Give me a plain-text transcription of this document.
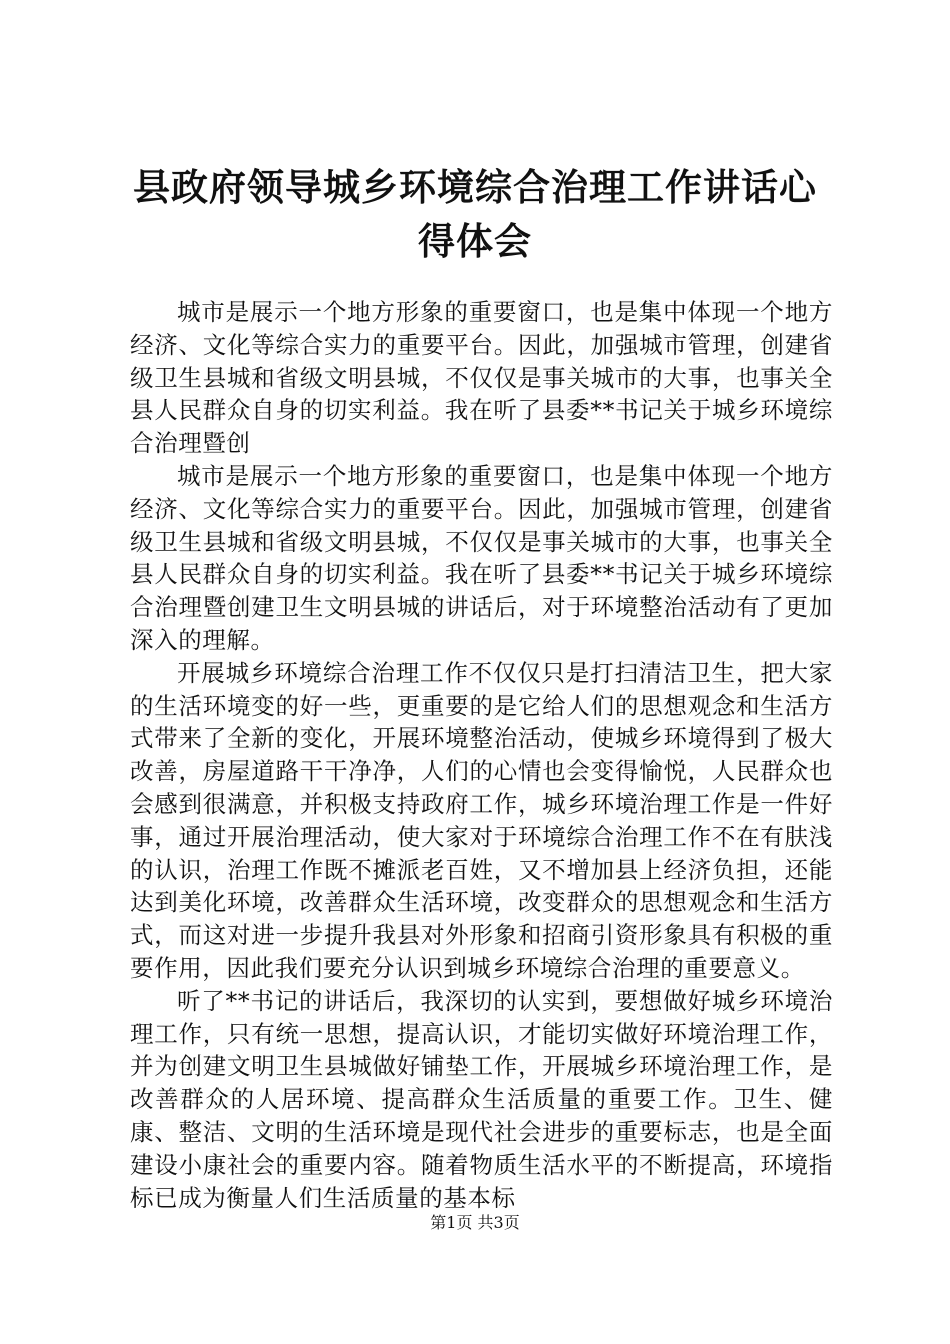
县政府领导城乡环境综合治理工作讲话心得体会

城市是展示一个地方形象的重要窗口，也是集中体现一个地方经济、文化等综合实力的重要平台。因此，加强城市管理，创建省级卫生县城和省级文明县城，不仅仅是事关城市的大事，也事关全县人民群众自身的切实利益。我在听了县委**书记关于城乡环境综合治理暨创

城市是展示一个地方形象的重要窗口，也是集中体现一个地方经济、文化等综合实力的重要平台。因此，加强城市管理，创建省级卫生县城和省级文明县城，不仅仅是事关城市的大事，也事关全县人民群众自身的切实利益。我在听了县委**书记关于城乡环境综合治理暨创建卫生文明县城的讲话后，对于环境整治活动有了更加深入的理解。

开展城乡环境综合治理工作不仅仅只是打扫清洁卫生，把大家的生活环境变的好一些，更重要的是它给人们的思想观念和生活方式带来了全新的变化，开展环境整治活动，使城乡环境得到了极大改善，房屋道路干干净净，人们的心情也会变得愉悦，人民群众也会感到很满意，并积极支持政府工作，城乡环境治理工作是一件好事，通过开展治理活动，使大家对于环境综合治理工作不在有肤浅的认识，治理工作既不摊派老百姓，又不增加县上经济负担，还能达到美化环境，改善群众生活环境，改变群众的思想观念和生活方式，而这对进一步提升我县对外形象和招商引资形象具有积极的重要作用，因此我们要充分认识到城乡环境综合治理的重要意义。

听了**书记的讲话后，我深切的认实到，要想做好城乡环境治理工作，只有统一思想，提高认识，才能切实做好环境治理工作，并为创建文明卫生县城做好铺垫工作，开展城乡环境治理工作，是改善群众的人居环境、提高群众生活质量的重要工作。卫生、健康、整洁、文明的生活环境是现代社会进步的重要标志，也是全面建设小康社会的重要内容。随着物质生活水平的不断提高，环境指标已成为衡量人们生活质量的基本标

第1页 共3页
